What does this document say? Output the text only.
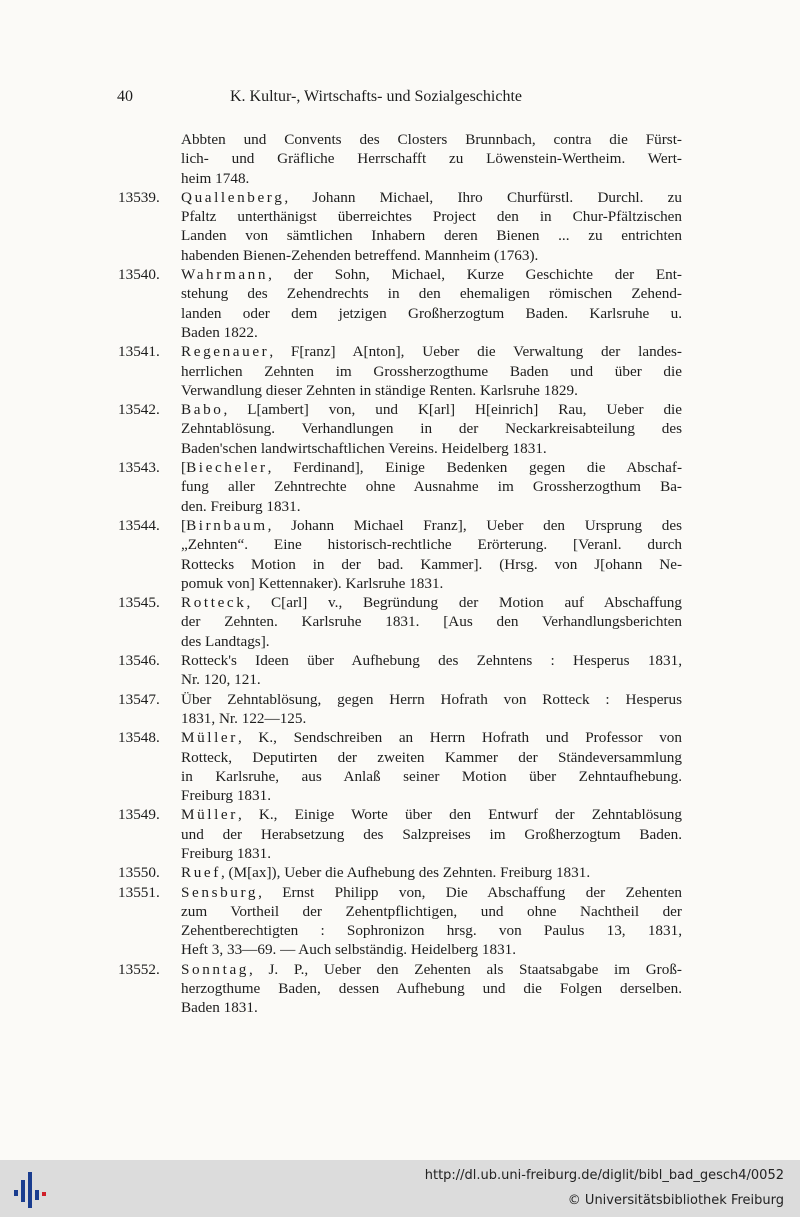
40	K. Kultur-, Wirtschafts- und Sozialgeschichte
Abbten und Convents des Closters Brunnbach, contra die Fürst-
lich- und Gräfliche Herrschafft zu Löwenstein-Wertheim. Wert-
heim 1748.
13539. Quallenberg, Johann Michael, Ihro Churfürstl. Durchl. zu
Pfaltz unterthänigst überreichtes Project den in Chur-Pfältzischen
Landen von sämtlichen Inhabern deren Bienen ... zu entrichten
habenden Bienen-Zehenden betreffend. Mannheim (1763).
13540. Wahrmann, der Sohn, Michael, Kurze Geschichte der Ent-
stehung des Zehendrechts in den ehemaligen römischen Zehend-
landen oder dem jetzigen Großherzogtum Baden. Karlsruhe u.
Baden 1822.
13541. Regenauer, F[ranz] A[nton], Ueber die Verwaltung der landes-
herrlichen Zehnten im Grossherzogthume Baden und über die
Verwandlung dieser Zehnten in ständige Renten. Karlsruhe 1829.
13542. Babo, L[ambert] von, und K[arl] H[einrich] Rau, Ueber die
Zehntablösung. Verhandlungen in der Neckarkreisabteilung des
Baden'schen landwirtschaftlichen Vereins. Heidelberg 1831.
13543. [Biecheler, Ferdinand], Einige Bedenken gegen die Abschaf-
fung aller Zehntrechte ohne Ausnahme im Grossherzogthum Ba-
den. Freiburg 1831.
13544. [Birnbaum, Johann Michael Franz], Ueber den Ursprung des
„Zehnten“. Eine historisch-rechtliche Erörterung. [Veranl. durch
Rottecks Motion in der bad. Kammer]. (Hrsg. von J[ohann Ne-
pomuk von] Kettennaker). Karlsruhe 1831.
13545. Rotteck, C[arl] v., Begründung der Motion auf Abschaffung
der Zehnten. Karlsruhe 1831. [Aus den Verhandlungsberichten
des Landtags].
13546. Rotteck's Ideen über Aufhebung des Zehntens : Hesperus 1831,
Nr. 120, 121.
13547. Über Zehntablösung, gegen Herrn Hofrath von Rotteck : Hesperus
1831, Nr. 122—125.
13548. Müller, K., Sendschreiben an Herrn Hofrath und Professor von
Rotteck, Deputirten der zweiten Kammer der Ständeversammlung
in Karlsruhe, aus Anlaß seiner Motion über Zehntaufhebung.
Freiburg 1831.
13549. Müller, K., Einige Worte über den Entwurf der Zehntablösung
und der Herabsetzung des Salzpreises im Großherzogtum Baden.
Freiburg 1831.
13550. Ruef, (M[ax]), Ueber die Aufhebung des Zehnten. Freiburg 1831.
13551. Sensburg, Ernst Philipp von, Die Abschaffung der Zehenten
zum Vortheil der Zehentpflichtigen, und ohne Nachtheil der
Zehentberechtigten : Sophronizon hrsg. von Paulus 13, 1831,
Heft 3, 33—69. — Auch selbständig. Heidelberg 1831.
13552. Sonntag, J. P., Ueber den Zehenten als Staatsabgabe im Groß-
herzogthume Baden, dessen Aufhebung und die Folgen derselben.
Baden 1831.
http://dl.ub.uni-freiburg.de/diglit/bibl_bad_gesch4/0052
© Universitätsbibliothek Freiburg
